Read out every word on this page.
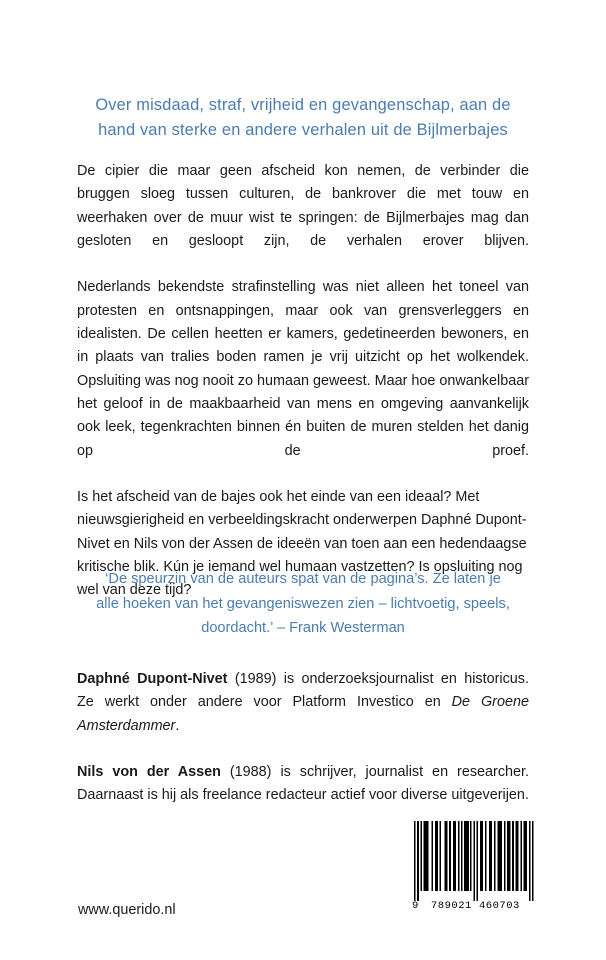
Over misdaad, straf, vrijheid en gevangenschap, aan de
hand van sterke en andere verhalen uit de Bijlmerbajes

De cipier die maar geen afscheid kon nemen, de verbinder die bruggen sloeg tussen culturen, de bankrover die met touw en weerhaken over de muur wist te springen: de Bijlmerbajes mag dan gesloten en gesloopt zijn, de verhalen erover blijven.

Nederlands bekendste strafinstelling was niet alleen het toneel van protesten en ontsnappingen, maar ook van grensverleggers en idealisten. De cellen heetten er kamers, gedetineerden bewoners, en in plaats van tralies boden ramen je vrij uitzicht op het wolkendek. Opsluiting was nog nooit zo humaan geweest. Maar hoe onwankelbaar het geloof in de maakbaarheid van mens en omgeving aanvankelijk ook leek, tegenkrachten binnen én buiten de muren stelden het danig op de proef.

Is het afscheid van de bajes ook het einde van een ideaal? Met nieuwsgierigheid en verbeeldingskracht onderwerpen Daphné Dupont-Nivet en Nils von der Assen de ideeën van toen aan een hedendaagse kritische blik. Kún je iemand wel humaan vastzetten? Is opsluiting nog wel van deze tijd?

‘De speurzin van de auteurs spat van de pagina’s. Ze laten je
alle hoeken van het gevangeniswezen zien – lichtvoetig, speels,
doordacht.’ – Frank Westerman

Daphné Dupont-Nivet (1989) is onderzoeksjournalist en historicus. Ze werkt onder andere voor Platform Investico en De Groene Amsterdammer.

Nils von der Assen (1988) is schrijver, journalist en researcher. Daarnaast is hij als freelance redacteur actief voor diverse uitgeverijen.

www.querido.nl	9 789021 460703
